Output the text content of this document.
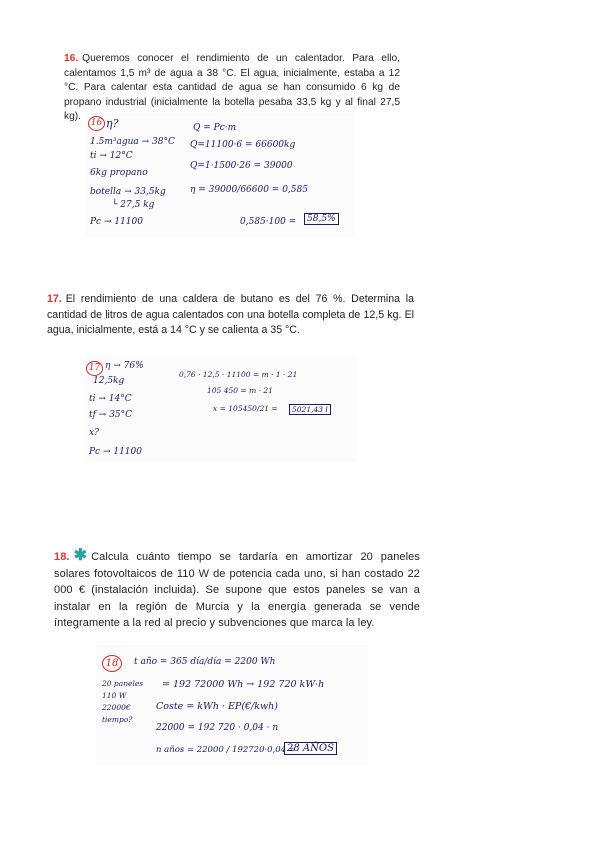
16. Queremos conocer el rendimiento de un calentador. Para ello, calentamos 1,5 m³ de agua a 38 °C. El agua, inicialmente, estaba a 12 °C. Para calentar esta cantidad de agua se han consumido 6 kg de propano industrial (inicialmente la botella pesaba 33,5 kg y al final 27,5 kg).
16 η?
1.5m³agua → 38°C
ti → 12°C
6kg propano
botella → 33,5kg
└ 27,5 kg
Pc → 11100
Q = Pc·m
Q=11100·6 = 66600kg
Q=1·1500·26 = 39000
η = 39000/66600 = 0,585
0,585·100 =	58,5%
17. El rendimiento de una caldera de butano es del 76 %. Determina la cantidad de litros de agua calentados con una botella completa de 12,5 kg. El agua, inicialmente, está a 14 °C y se calienta a 35 °C.
17 η → 76%
12,5kg
ti → 14°C
tf → 35°C
x?
Pc → 11100
0,76 · 12,5 · 11100 = m · 1 · 21
105 450 = m · 21
x = 105450/21 =	5021,43 l
18. ✱ Calcula cuánto tiempo se tardaría en amortizar 20 paneles solares fotovoltaicos de 110 W de potencia cada uno, si han costado 22 000 € (instalación incluida). Se supone que estos paneles se van a instalar en la región de Murcia y la energía generada se vende íntegramente a la red al precio y subvenciones que marca la ley.
18
20 paneles
110 W
22000€
tiempo?
t año = 365 día/día = 2200 Wh
= 192 72000 Wh → 192 720 kW·h
Coste = kWh · EP(€/kwh)
22000 = 192 720 · 0,04 · n
n años = 22000 / 192720·0,04 =
28 AÑOS
